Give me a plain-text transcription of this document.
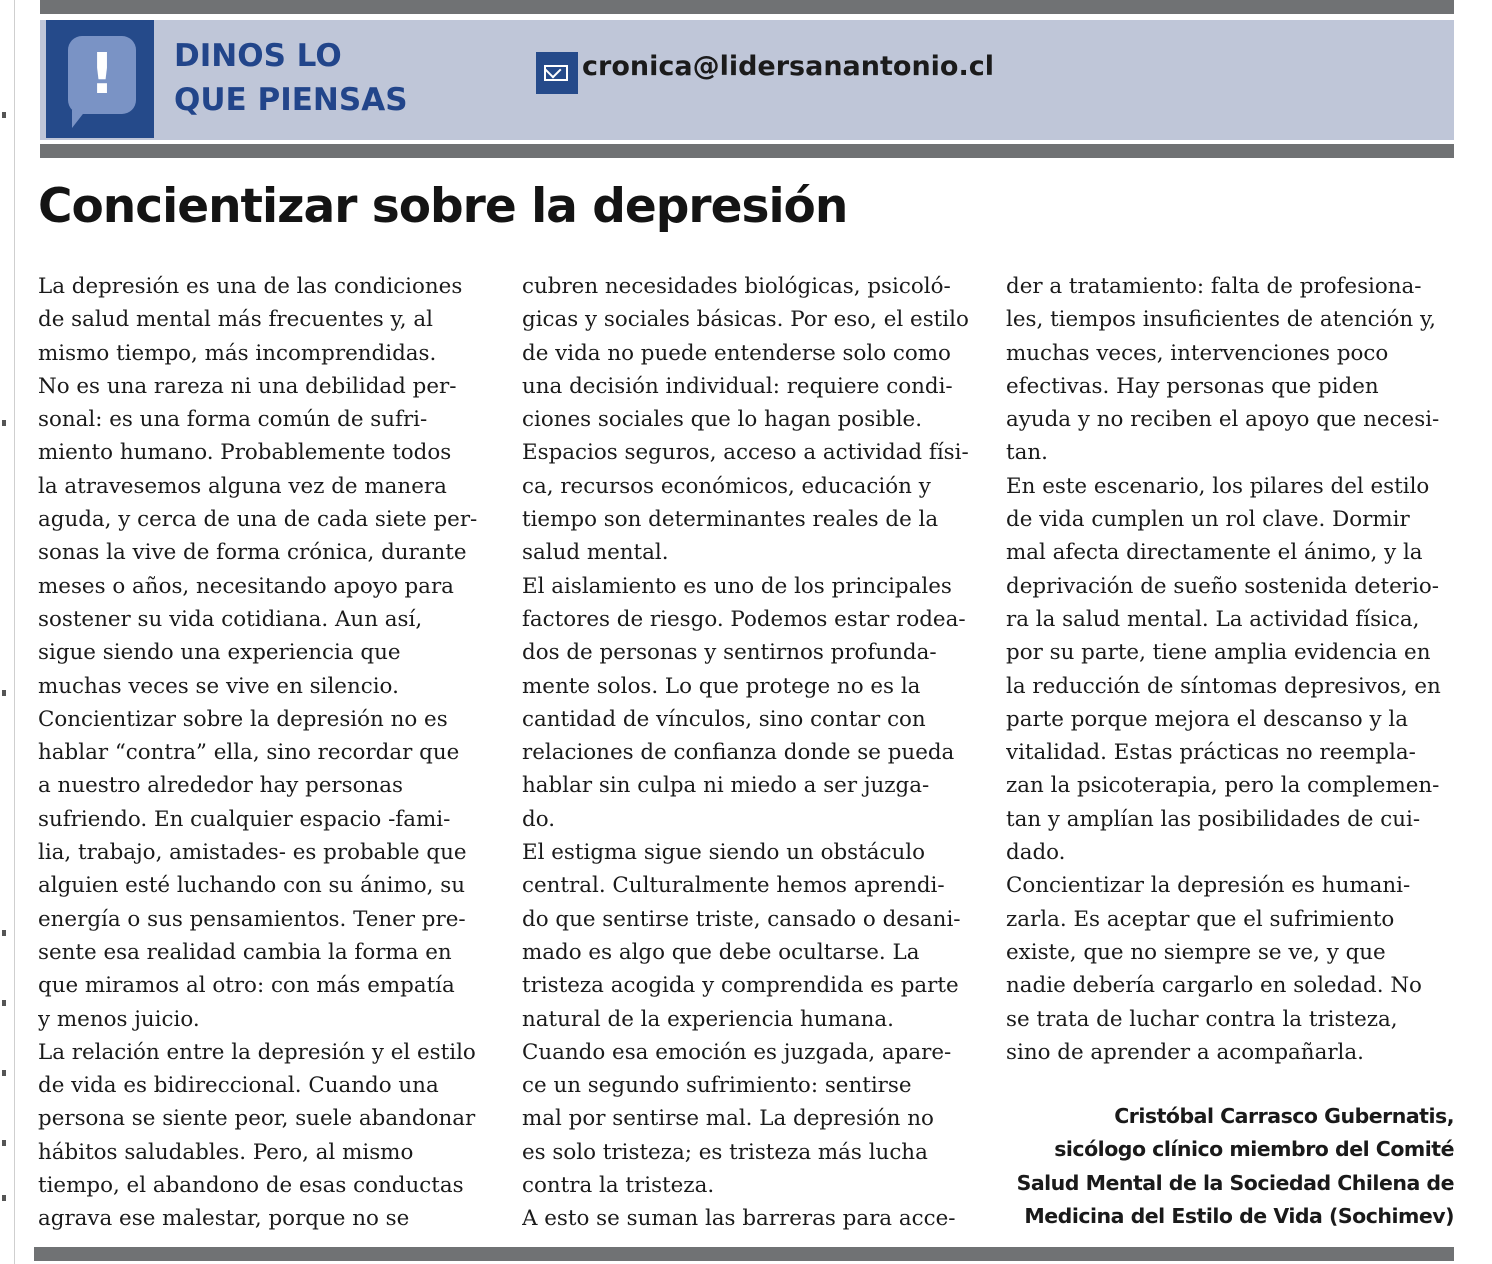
!	DINOS LO
QUE PIENSAS
cronica@lidersanantonio.cl
Concientizar sobre la depresión
La depresión es una de las condiciones
de salud mental más frecuentes y, al
mismo tiempo, más incomprendidas.
No es una rareza ni una debilidad per-
sonal: es una forma común de sufri-
miento humano. Probablemente todos
la atravesemos alguna vez de manera
aguda, y cerca de una de cada siete per-
sonas la vive de forma crónica, durante
meses o años, necesitando apoyo para
sostener su vida cotidiana. Aun así,
sigue siendo una experiencia que
muchas veces se vive en silencio.
Concientizar sobre la depresión no es
hablar “contra” ella, sino recordar que
a nuestro alrededor hay personas
sufriendo. En cualquier espacio -fami-
lia, trabajo, amistades- es probable que
alguien esté luchando con su ánimo, su
energía o sus pensamientos. Tener pre-
sente esa realidad cambia la forma en
que miramos al otro: con más empatía
y menos juicio.
La relación entre la depresión y el estilo
de vida es bidireccional. Cuando una
persona se siente peor, suele abandonar
hábitos saludables. Pero, al mismo
tiempo, el abandono de esas conductas
agrava ese malestar, porque no se
cubren necesidades biológicas, psicoló-
gicas y sociales básicas. Por eso, el estilo
de vida no puede entenderse solo como
una decisión individual: requiere condi-
ciones sociales que lo hagan posible.
Espacios seguros, acceso a actividad físi-
ca, recursos económicos, educación y
tiempo son determinantes reales de la
salud mental.
El aislamiento es uno de los principales
factores de riesgo. Podemos estar rodea-
dos de personas y sentirnos profunda-
mente solos. Lo que protege no es la
cantidad de vínculos, sino contar con
relaciones de confianza donde se pueda
hablar sin culpa ni miedo a ser juzga-
do.
El estigma sigue siendo un obstáculo
central. Culturalmente hemos aprendi-
do que sentirse triste, cansado o desani-
mado es algo que debe ocultarse. La
tristeza acogida y comprendida es parte
natural de la experiencia humana.
Cuando esa emoción es juzgada, apare-
ce un segundo sufrimiento: sentirse
mal por sentirse mal. La depresión no
es solo tristeza; es tristeza más lucha
contra la tristeza.
A esto se suman las barreras para acce-
der a tratamiento: falta de profesiona-
les, tiempos insuficientes de atención y,
muchas veces, intervenciones poco
efectivas. Hay personas que piden
ayuda y no reciben el apoyo que necesi-
tan.
En este escenario, los pilares del estilo
de vida cumplen un rol clave. Dormir
mal afecta directamente el ánimo, y la
deprivación de sueño sostenida deterio-
ra la salud mental. La actividad física,
por su parte, tiene amplia evidencia en
la reducción de síntomas depresivos, en
parte porque mejora el descanso y la
vitalidad. Estas prácticas no reempla-
zan la psicoterapia, pero la complemen-
tan y amplían las posibilidades de cui-
dado.
Concientizar la depresión es humani-
zarla. Es aceptar que el sufrimiento
existe, que no siempre se ve, y que
nadie debería cargarlo en soledad. No
se trata de luchar contra la tristeza,
sino de aprender a acompañarla.
Cristóbal Carrasco Gubernatis,
sicólogo clínico miembro del Comité
Salud Mental de la Sociedad Chilena de
Medicina del Estilo de Vida (Sochimev)
